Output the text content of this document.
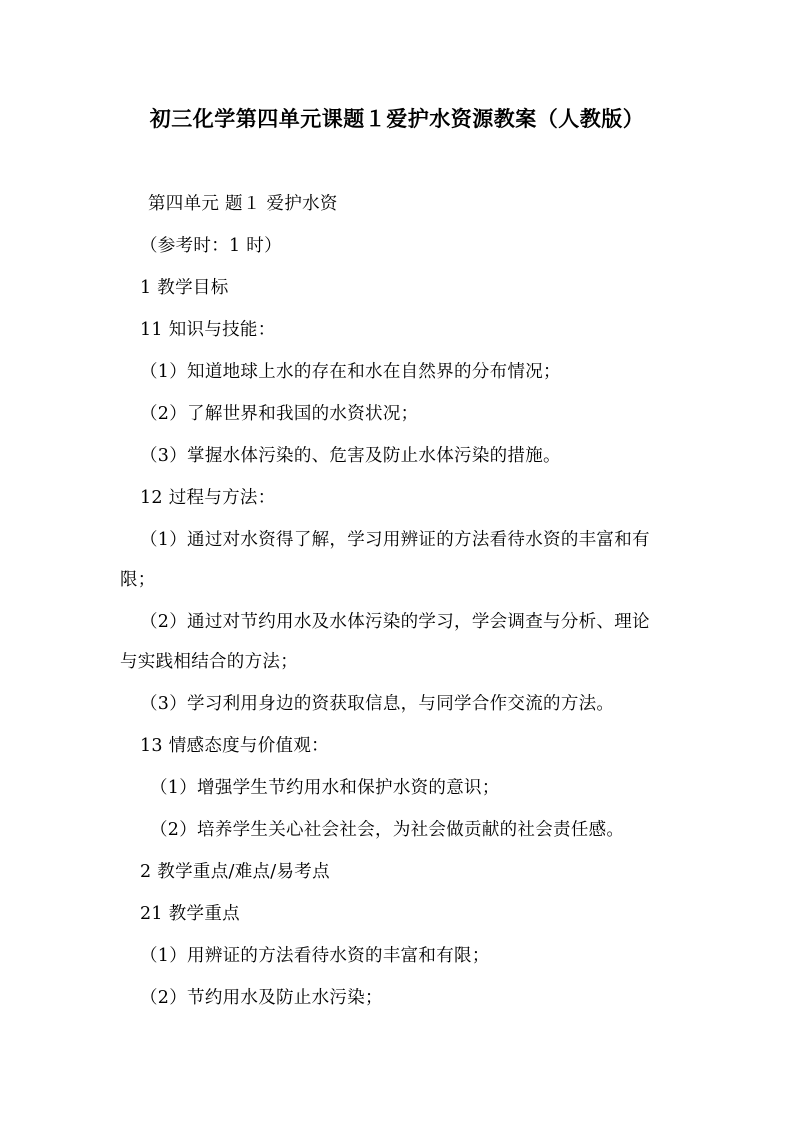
初三化学第四单元课题１爱护水资源教案（人教版）
第四单元 题１ 爱护水资
（参考时：1 时）
1 教学目标
11 知识与技能：
（1）知道地球上水的存在和水在自然界的分布情况；
（2）了解世界和我国的水资状况；
（3）掌握水体污染的、危害及防止水体污染的措施。
12 过程与方法：
（1）通过对水资得了解，学习用辨证的方法看待水资的丰富和有
限；
（2）通过对节约用水及水体污染的学习，学会调查与分析、理论
与实践相结合的方法；
（3）学习利用身边的资获取信息，与同学合作交流的方法。
13 情感态度与价值观：
（1）增强学生节约用水和保护水资的意识；
（2）培养学生关心社会社会，为社会做贡献的社会责任感。
2 教学重点/难点/易考点
21 教学重点
（1）用辨证的方法看待水资的丰富和有限；
（2）节约用水及防止水污染；
